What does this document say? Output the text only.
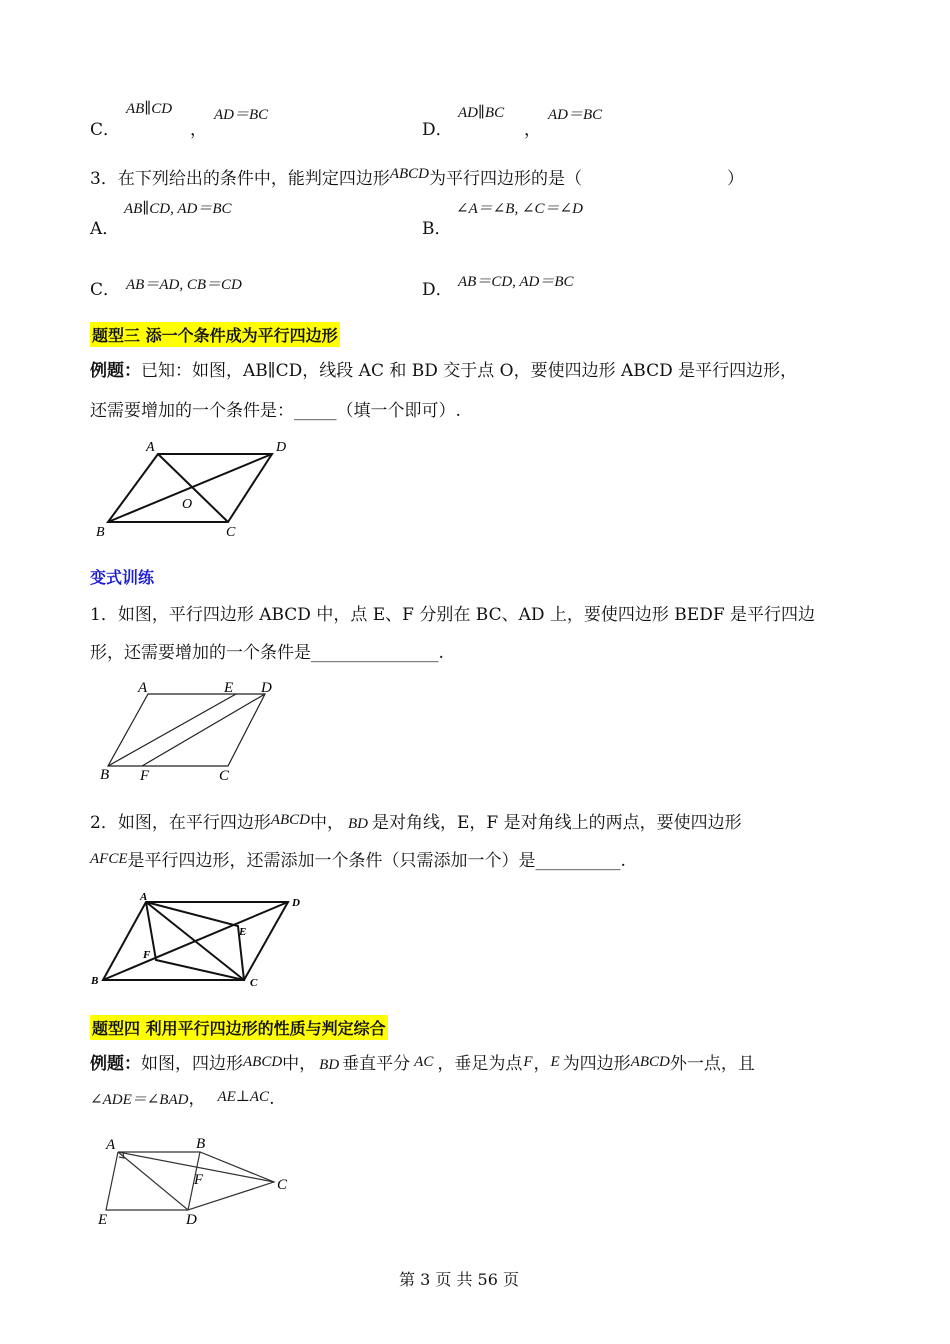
C．
AB∥CD
，
AD＝BC
D．
AD∥BC
，
AD＝BC
3．在下列给出的条件中，能判定四边形ABCD为平行四边形的是（	）
A．
AB∥CD, AD＝BC
B．
∠A＝∠B, ∠C＝∠D
C． AB＝AD, CB＝CD	D． AB＝CD, AD＝BC
题型三 添一个条件成为平行四边形
例题：已知：如图，AB∥CD，线段 AC 和 BD 交于点 O，要使四边形 ABCD 是平行四边形，
还需要增加的一个条件是：_____（填一个即可）.
A	D
B	C
O
变式训练
1．如图，平行四边形 ABCD 中，点 E、F 分别在 BC、AD 上，要使四边形 BEDF 是平行四边
形，还需要增加的一个条件是_______________.
A	E D
B F	C
2．如图，在平行四边形ABCD中， BD 是对角线，E，F 是对角线上的两点，要使四边形
AFCE是平行四边形，还需添加一个条件（只需添加一个）是__________.
A	D
E
F
B	C
题型四 利用平行四边形的性质与判定综合
例题：如图，四边形ABCD中， BD 垂直平分 AC ，垂足为点F，E 为四边形ABCD外一点，且
∠ADE＝∠BAD， AE⊥AC.
A	B
F	C
E	D
第 3 页 共 56 页
